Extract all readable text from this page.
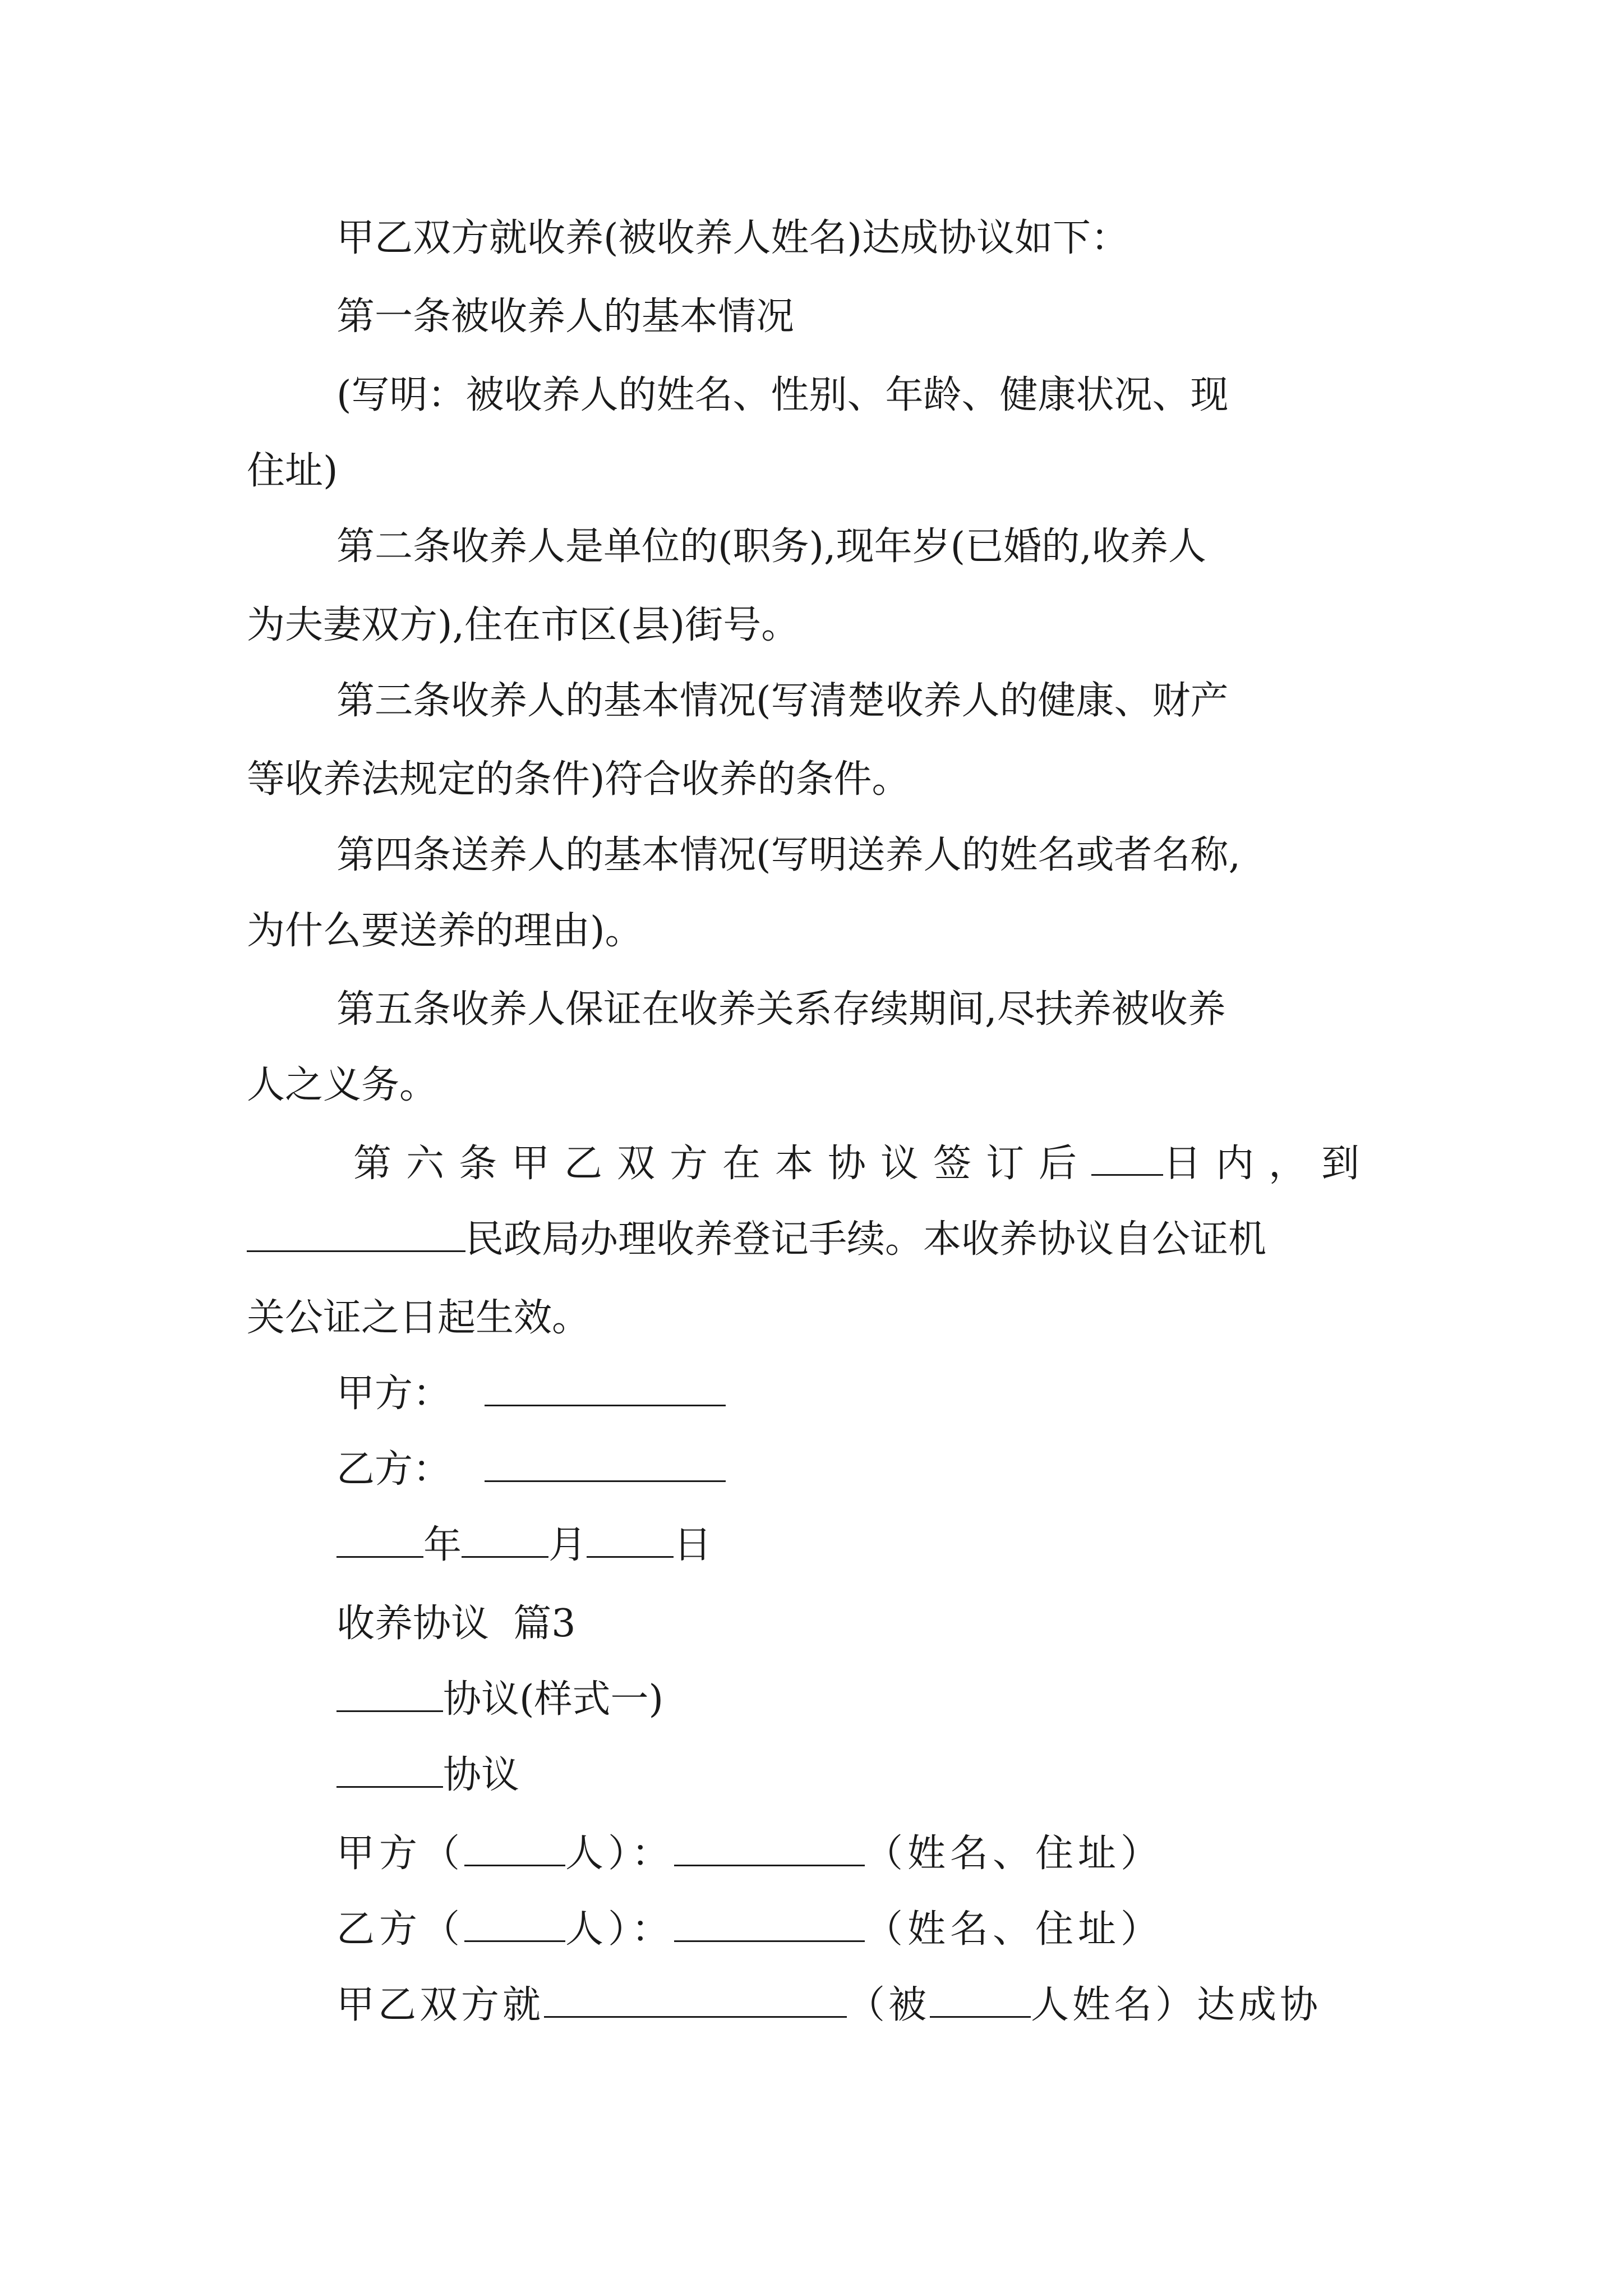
甲乙双方就收养(被收养人姓名)达成协议如下：
第一条被收养人的基本情况
(写明：被收养人的姓名、性别、年龄、健康状况、现
住址)
第二条收养人是单位的(职务),现年岁(已婚的,收养人
为夫妻双方),住在市区(县)街号。
第三条收养人的基本情况(写清楚收养人的健康、财产
等收养法规定的条件)符合收养的条件。
第四条送养人的基本情况(写明送养人的姓名或者名称,
为什么要送养的理由)。
第五条收养人保证在收养关系存续期间,尽扶养被收养
人之义务。
第六条甲乙双方在本协议签订后 日内，到
民政局办理收养登记手续。本收养协议自公证机
关公证之日起生效。
甲方：
乙方：
年 月 日
收养协议  篇3
协议(样式一)
协议
甲方（	人）：	（姓名、住址）
乙方（	人）：	（姓名、住址）
甲乙双方就	（被	人姓名）达成协
